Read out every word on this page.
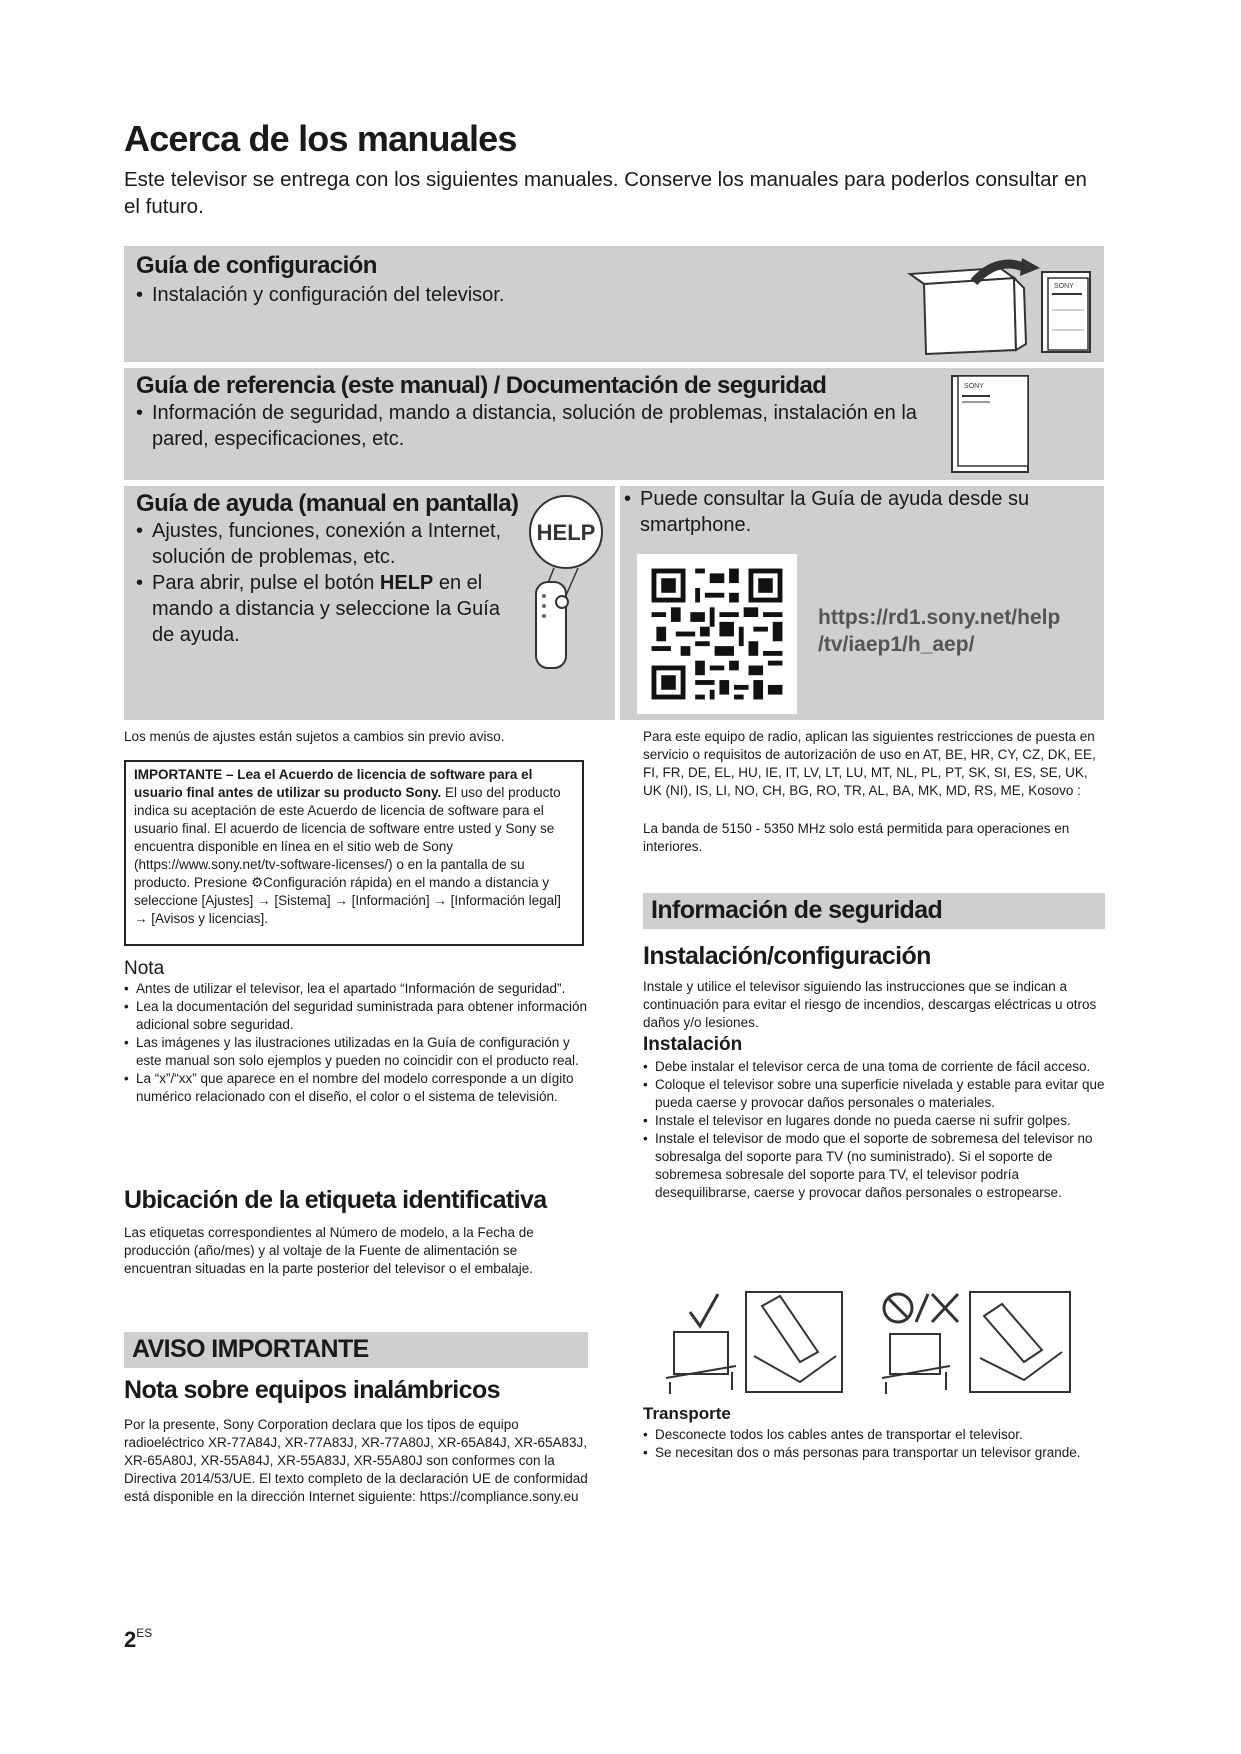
Acerca de los manuales

Este televisor se entrega con los siguientes manuales. Conserve los manuales para poderlos consultar en el futuro.

Guía de configuración
• Instalación y configuración del televisor.	SONY
Guía de referencia (este manual) / Documentación de seguridad
• Información de seguridad, mando a distancia, solución de problemas, instalación en la pared, especificaciones, etc.
SONY
Guía de ayuda (manual en pantalla)
• Ajustes, funciones, conexión a Internet, solución de problemas, etc.
• Para abrir, pulse el botón HELP en el mando a distancia y seleccione la Guía de ayuda.
HELP
• Puede consultar la Guía de ayuda desde su smartphone.
https://rd1.sony.net/help
/tv/iaep1/h_aep/
Los menús de ajustes están sujetos a cambios sin previo aviso.
IMPORTANTE – Lea el Acuerdo de licencia de software para el usuario final antes de utilizar su producto Sony. El uso del producto indica su aceptación de este Acuerdo de licencia de software para el usuario final. El acuerdo de licencia de software entre usted y Sony se encuentra disponible en línea en el sitio web de Sony (https://www.sony.net/tv-software-licenses/) o en la pantalla de su producto. Presione ⚙Configuración rápida) en el mando a distancia y seleccione [Ajustes] → [Sistema] → [Información] → [Información legal] → [Avisos y licencias].
Nota
• Antes de utilizar el televisor, lea el apartado “Información de seguridad”.
• Lea la documentación del seguridad suministrada para obtener información adicional sobre seguridad.
• Las imágenes y las ilustraciones utilizadas en la Guía de configuración y este manual son solo ejemplos y pueden no coincidir con el producto real.
• La “x”/“xx” que aparece en el nombre del modelo corresponde a un dígito numérico relacionado con el diseño, el color o el sistema de televisión.
Ubicación de la etiqueta identificativa
Las etiquetas correspondientes al Número de modelo, a la Fecha de producción (año/mes) y al voltaje de la Fuente de alimentación se encuentran situadas en la parte posterior del televisor o el embalaje.
AVISO IMPORTANTE
Nota sobre equipos inalámbricos
Por la presente, Sony Corporation declara que los tipos de equipo radioeléctrico XR-77A84J, XR-77A83J, XR-77A80J, XR-65A84J, XR-65A83J, XR-65A80J, XR-55A84J, XR-55A83J, XR-55A80J son conformes con la Directiva 2014/53/UE. El texto completo de la declaración UE de conformidad está disponible en la dirección Internet siguiente: https://compliance.sony.eu
Para este equipo de radio, aplican las siguientes restricciones de puesta en servicio o requisitos de autorización de uso en AT, BE, HR, CY, CZ, DK, EE, FI, FR, DE, EL, HU, IE, IT, LV, LT, LU, MT, NL, PL, PT, SK, SI, ES, SE, UK, UK (NI), IS, LI, NO, CH, BG, RO, TR, AL, BA, MK, MD, RS, ME, Kosovo :
La banda de 5150 - 5350 MHz solo está permitida para operaciones en interiores.
Información de seguridad
Instalación/configuración
Instale y utilice el televisor siguiendo las instrucciones que se indican a continuación para evitar el riesgo de incendios, descargas eléctricas u otros daños y/o lesiones.
Instalación
• Debe instalar el televisor cerca de una toma de corriente de fácil acceso.
• Coloque el televisor sobre una superficie nivelada y estable para evitar que pueda caerse y provocar daños personales o materiales.
• Instale el televisor en lugares donde no pueda caerse ni sufrir golpes.
• Instale el televisor de modo que el soporte de sobremesa del televisor no sobresalga del soporte para TV (no suministrado). Si el soporte de sobremesa sobresale del soporte para TV, el televisor podría desequilibrarse, caerse y provocar daños personales o estropearse.
Transporte
• Desconecte todos los cables antes de transportar el televisor.
• Se necesitan dos o más personas para transportar un televisor grande.
$2^{ES}$
